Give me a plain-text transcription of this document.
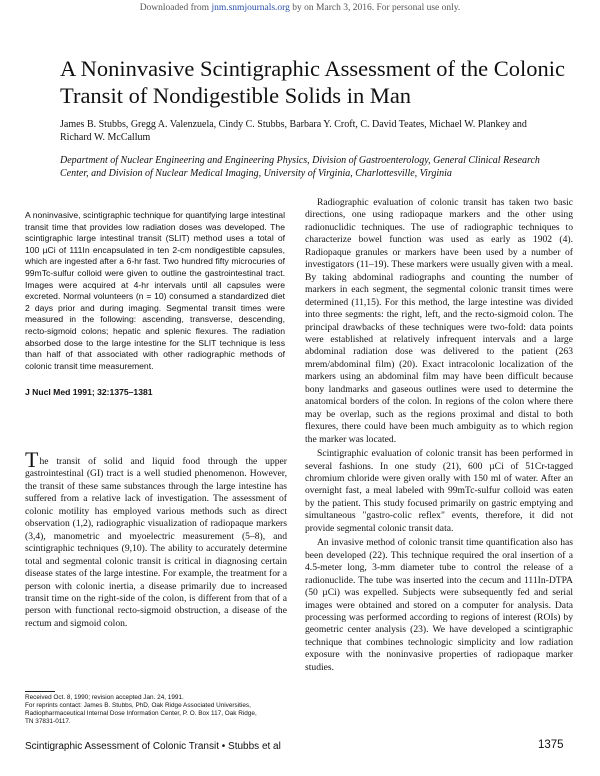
Downloaded from jnm.snmjournals.org by on March 3, 2016. For personal use only.
A Noninvasive Scintigraphic Assessment of the Colonic Transit of Nondigestible Solids in Man
James B. Stubbs, Gregg A. Valenzuela, Cindy C. Stubbs, Barbara Y. Croft, C. David Teates, Michael W. Plankey and Richard W. McCallum
Department of Nuclear Engineering and Engineering Physics, Division of Gastroenterology, General Clinical Research Center, and Division of Nuclear Medical Imaging, University of Virginia, Charlottesville, Virginia
A noninvasive, scintigraphic technique for quantifying large intestinal transit time that provides low radiation doses was developed. The scintigraphic large intestinal transit (SLIT) method uses a total of 100 µCi of 111In encapsulated in ten 2-cm nondigestible capsules, which are ingested after a 6-hr fast. Two hundred fifty microcuries of 99mTc-sulfur colloid were given to outline the gastrointestinal tract. Images were acquired at 4-hr intervals until all capsules were excreted. Normal volunteers (n = 10) consumed a standardized diet 2 days prior and during imaging. Segmental transit times were measured in the following: ascending, transverse, descending, recto-sigmoid colons; hepatic and splenic flexures. The radiation absorbed dose to the large intestine for the SLIT technique is less than half of that associated with other radiographic methods of colonic transit time measurement.
J Nucl Med 1991; 32:1375–1381

The transit of solid and liquid food through the upper gastrointestinal (GI) tract is a well studied phenomenon. However, the transit of these same substances through the large intestine has suffered from a relative lack of investigation. The assessment of colonic motility has employed various methods such as direct observation (1,2), radiographic visualization of radiopaque markers (3,4), manometric and myoelectric measurement (5–8), and scintigraphic techniques (9,10). The ability to accurately determine total and segmental colonic transit is critical in diagnosing certain disease states of the large intestine. For example, the treatment for a person with colonic inertia, a disease primarily due to increased transit time on the right-side of the colon, is different from that of a person with functional recto-sigmoid obstruction, a disease of the rectum and sigmoid colon.

Radiographic evaluation of colonic transit has taken two basic directions, one using radiopaque markers and the other using radionuclidic techniques. The use of radiographic techniques to characterize bowel function was used as early as 1902 (4). Radiopaque granules or markers have been used by a number of investigators (11–19). These markers were usually given with a meal. By taking abdominal radiographs and counting the number of markers in each segment, the segmental colonic transit times were determined (11,15). For this method, the large intestine was divided into three segments: the right, left, and the recto-sigmoid colon. The principal drawbacks of these techniques were two-fold: data points were established at relatively infrequent intervals and a large abdominal radiation dose was delivered to the patient (263 mrem/abdominal film) (20). Exact intracolonic localization of the markers using an abdominal film may have been difficult because bony landmarks and gaseous outlines were used to determine the anatomical borders of the colon. In regions of the colon where there may be overlap, such as the regions proximal and distal to both flexures, there could have been much ambiguity as to which region the marker was located.

Scintigraphic evaluation of colonic transit has been performed in several fashions. In one study (21), 600 µCi of 51Cr-tagged chromium chloride were given orally with 150 ml of water. After an overnight fast, a meal labeled with 99mTc-sulfur colloid was eaten by the patient. This study focused primarily on gastric emptying and simultaneous "gastro-colic reflex" events, therefore, it did not provide segmental colonic transit data.

An invasive method of colonic transit time quantification also has been developed (22). This technique required the oral insertion of a 4.5-meter long, 3-mm diameter tube to control the release of a radionuclide. The tube was inserted into the cecum and 111In-DTPA (50 µCi) was expelled. Subjects were subsequently fed and serial images were obtained and stored on a computer for analysis. Data processing was performed according to regions of interest (ROIs) by geometric center analysis (23). We have developed a scintigraphic technique that combines technologic simplicity and low radiation exposure with the noninvasive properties of radiopaque marker studies.

Received Oct. 8, 1990; revision accepted Jan. 24, 1991.

For reprints contact: James B. Stubbs, PhD, Oak Ridge Associated Universities, Radiopharmaceutical Internal Dose Information Center, P. O. Box 117, Oak Ridge, TN 37831-0117.

Scintigraphic Assessment of Colonic Transit • Stubbs et al	1375
